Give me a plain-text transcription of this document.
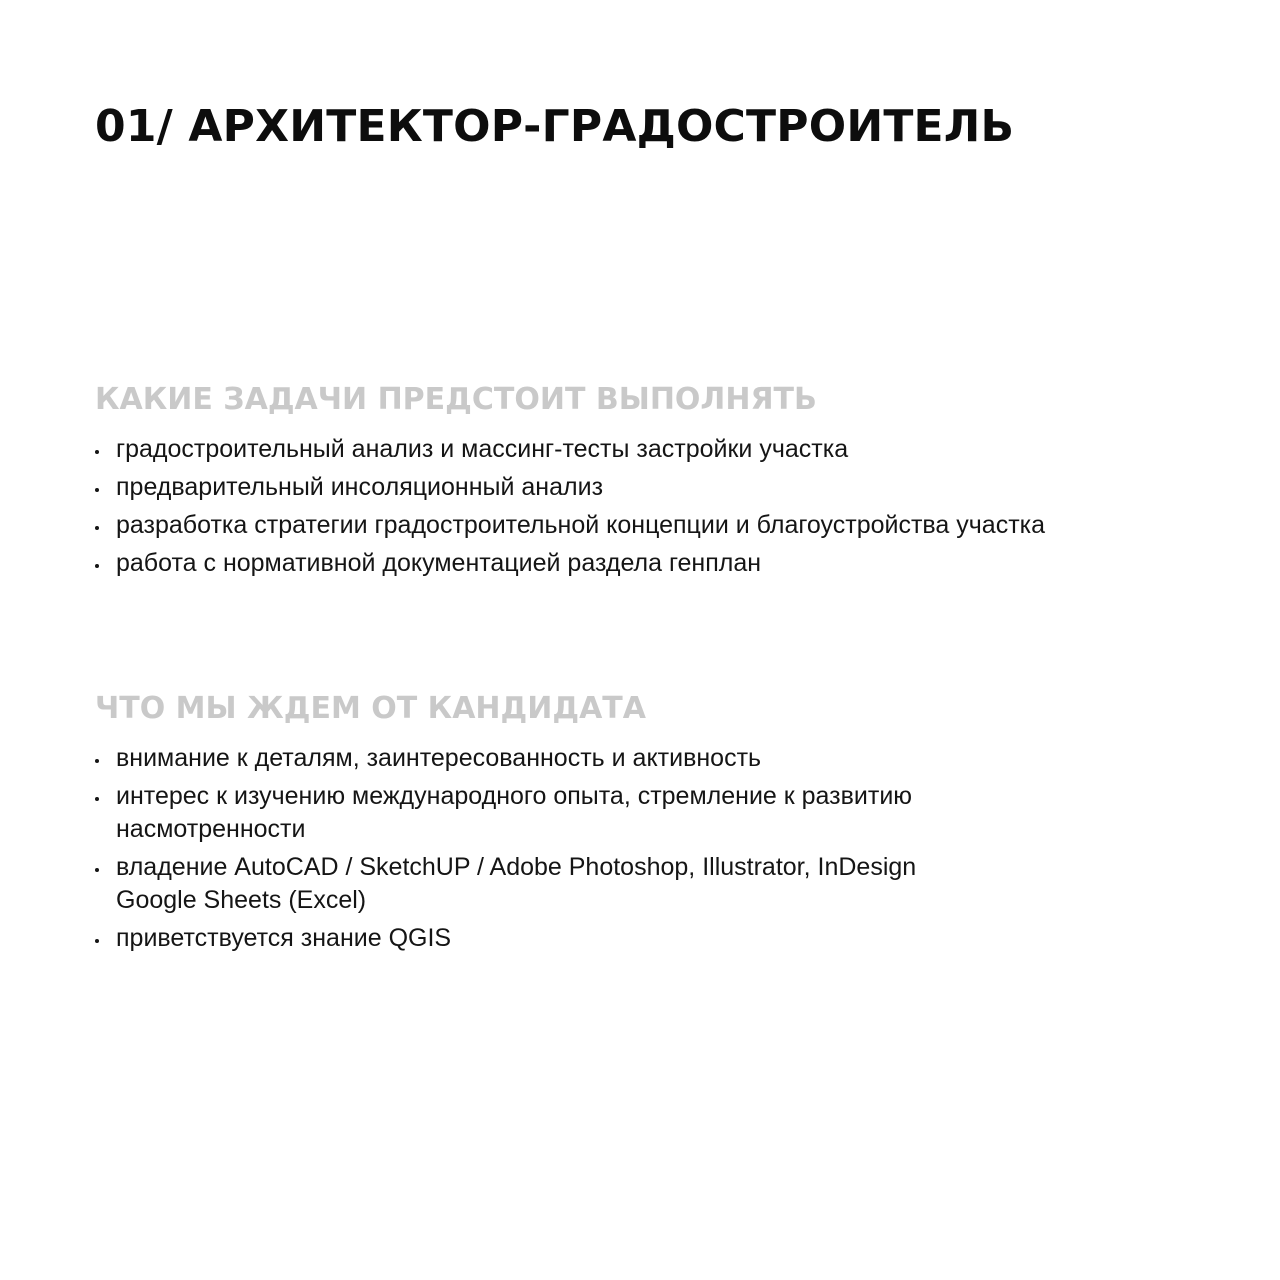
01/ АРХИТЕКТОР-ГРАДОСТРОИТЕЛЬ
КАКИЕ ЗАДАЧИ ПРЕДСТОИТ ВЫПОЛНЯТЬ
градостроительный анализ и массинг-тесты застройки участка
предварительный инсоляционный анализ
разработка стратегии градостроительной концепции и благоустройства участка
работа с нормативной документацией раздела генплан
ЧТО МЫ ЖДЕМ ОТ КАНДИДАТА
внимание к деталям, заинтересованность и активность
интерес к изучению международного опыта, стремление к развитию
насмотренности
владение AutoCAD / SketchUP / Adobe Photoshop, Illustrator, InDesign
Google Sheets (Excel)
приветствуется знание QGIS
